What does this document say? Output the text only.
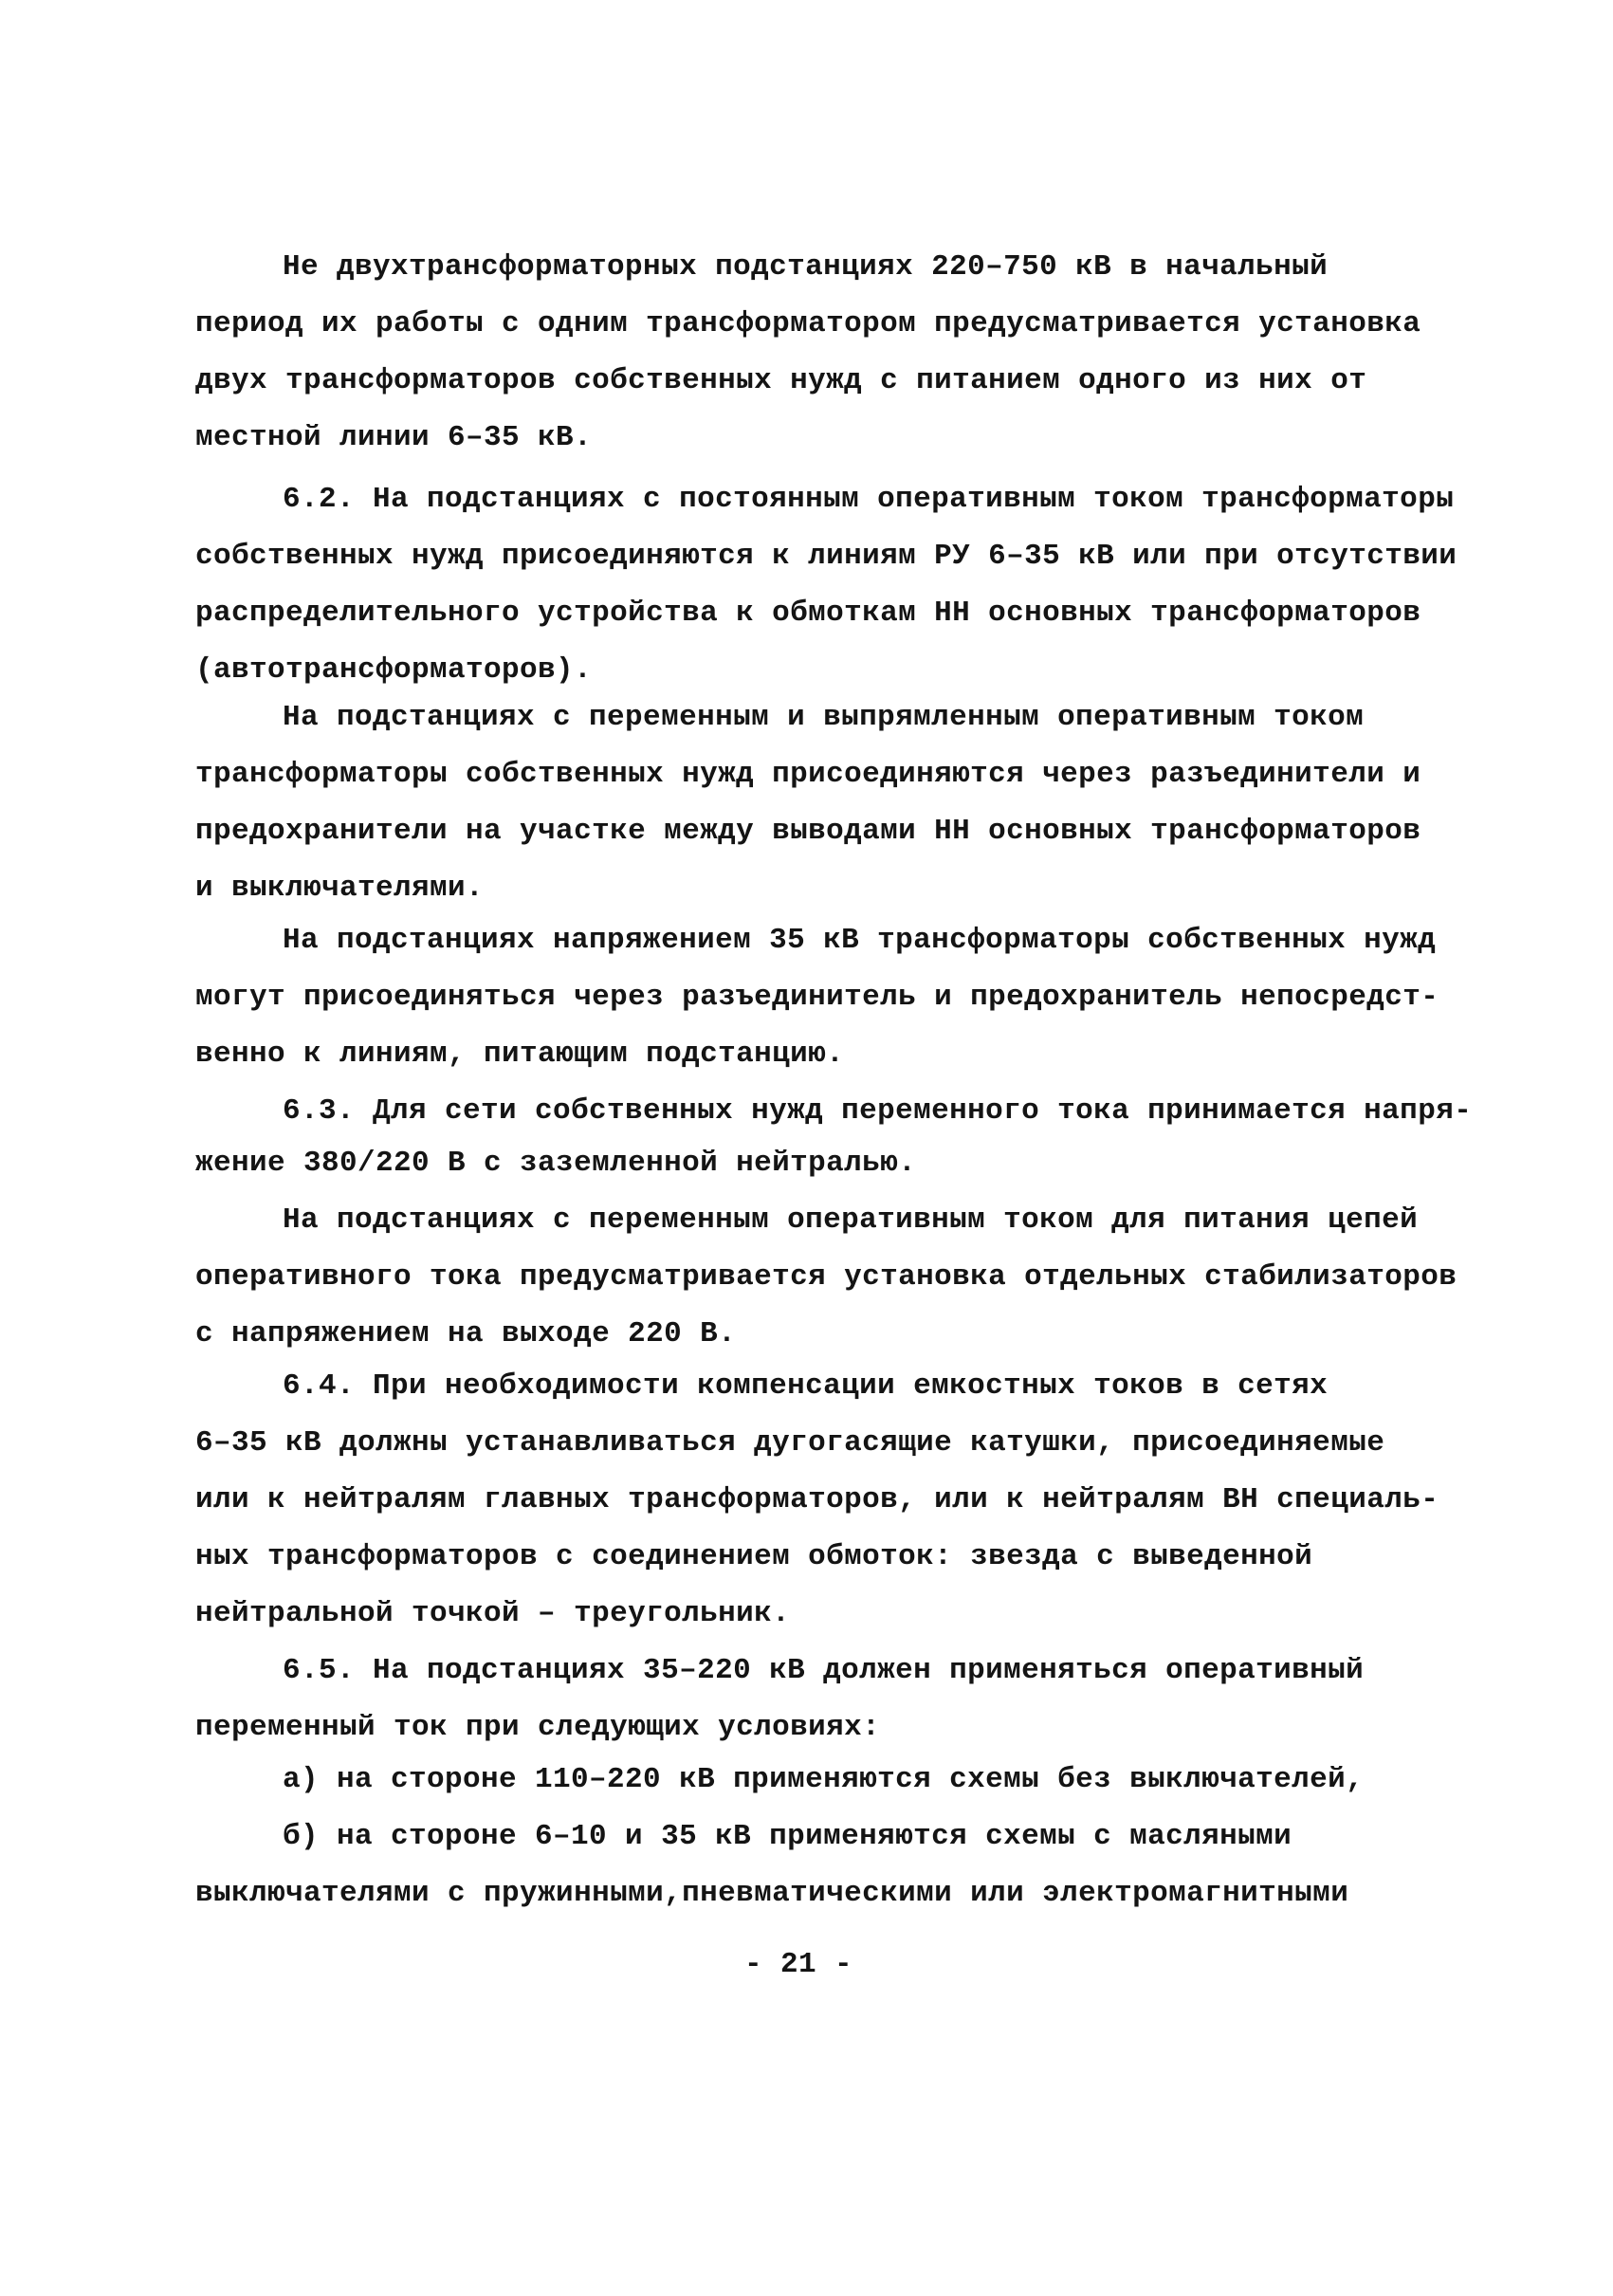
Не двухтрансформаторных подстанциях 220–750 кВ в начальный
период их работы с одним трансформатором предусматривается установка
двух трансформаторов собственных нужд с питанием одного из них от
местной линии 6–35 кВ.
6.2. На подстанциях с постоянным оперативным током трансформаторы
собственных нужд присоединяются к линиям РУ 6–35 кВ или при отсутствии
распределительного устройства к обмоткам НН основных трансформаторов
(автотрансформаторов).
На подстанциях с переменным и выпрямленным оперативным током
трансформаторы собственных нужд присоединяются через разъединители и
предохранители на участке между выводами НН основных трансформаторов
и выключателями.
На подстанциях напряжением 35 кВ трансформаторы собственных нужд
могут присоединяться через разъединитель и предохранитель непосредст-
венно к линиям, питающим подстанцию.
6.3. Для сети собственных нужд переменного тока принимается напря-
жение 380/220 В с заземленной нейтралью.
На подстанциях с переменным оперативным током для питания цепей
оперативного тока предусматривается установка отдельных стабилизаторов
с напряжением на выходе 220 В.
6.4. При необходимости компенсации емкостных токов в сетях
6–35 кВ должны устанавливаться дугогасящие катушки, присоединяемые
или к нейтралям главных трансформаторов, или к нейтралям ВН специаль-
ных трансформаторов с соединением обмоток: звезда с выведенной
нейтральной точкой – треугольник.
6.5. На подстанциях 35–220 кВ должен применяться оперативный
переменный ток при следующих условиях:
а) на стороне 110–220 кВ применяются схемы без выключателей,
б) на стороне 6–10 и 35 кВ применяются схемы с масляными
выключателями с пружинными,пневматическими или электромагнитными
- 21 -
